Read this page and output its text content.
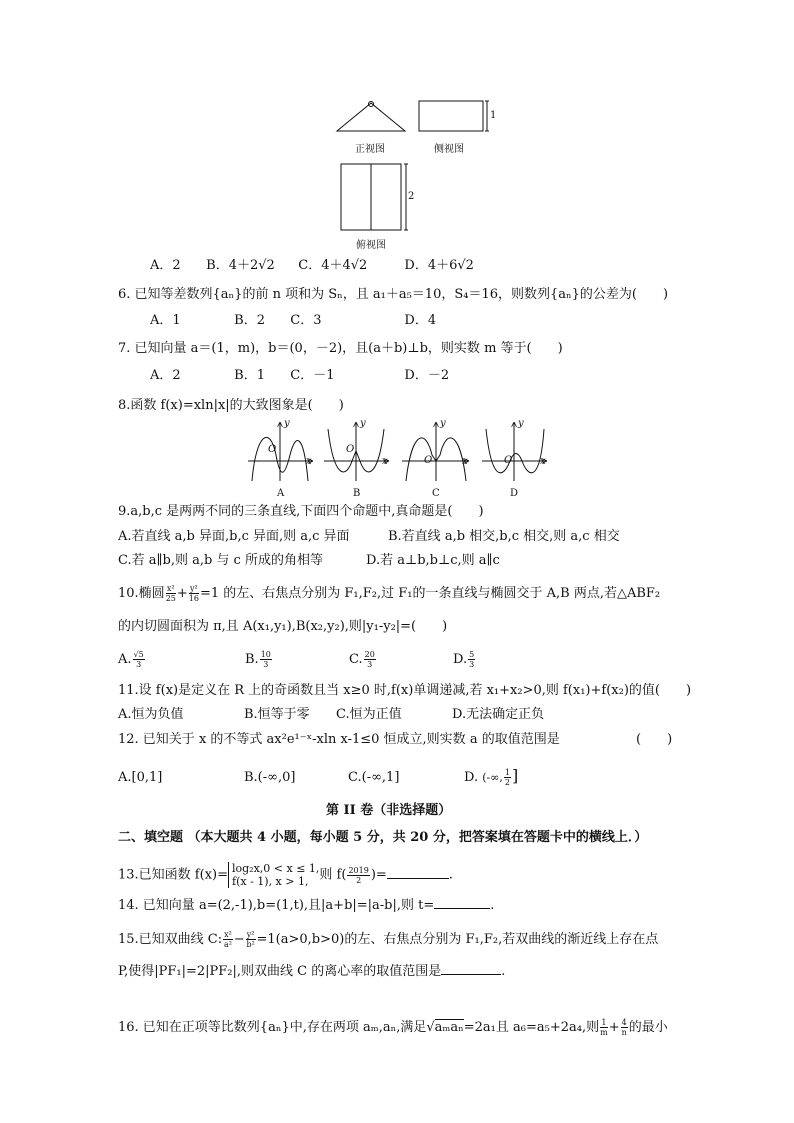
1
2
正视图	侧视图
俯视图
A．2 B．4＋2√2 C．4＋4√2	D．4＋6√2
6. 已知等差数列{aₙ}的前 n 项和为 Sₙ，且 a₁＋a₅＝10，S₄＝16，则数列{aₙ}的公差为(　　)
A．1	B．2 C．3	D．4
7. 已知向量 a＝(1，m)，b＝(0，－2)，且(a＋b)⊥b，则实数 m 等于(　　)
A．2	B．1 C．－1	D．－2
8.函数 f(x)=xln|x|的大致图象是(　　)
y
x
O
A
y
x
O
B
y
x
O
C
y
x
O
D
9.a,b,c 是两两不同的三条直线,下面四个命题中,真命题是(　　)
A.若直线 a,b 异面,b,c 异面,则 a,c 异面	B.若直线 a,b 相交,b,c 相交,则 a,c 相交
C.若 a∥b,则 a,b 与 c 所成的角相等	D.若 a⊥b,b⊥c,则 a∥c
10.椭圆 $\frac{\text{x²}}{25} + \frac{\text{y²}}{16} =1$ 的左、右焦点分别为 F₁,F₂,过 F₁的一条直线与椭圆交于 A,B 两点,若△ABF₂
的内切圆面积为 π,且 A(x₁,y₁),B(x₂,y₂),则|y₁-y₂|=(　　)
A. $\frac{√5}{3}$	B. $\frac{10}{3}$	C. $\frac{20}{3}$	D. $\frac{5}{3}$
11.设 f(x)是定义在 R 上的奇函数且当 x≥0 时,f(x)单调递减,若 x₁+x₂>0,则 f(x₁)+f(x₂)的值(　　)
A.恒为负值	B.恒等于零 C.恒为正值	D.无法确定正负
12. 已知关于 x 的不等式 ax²e¹⁻ˣ-xln x-1≤0 恒成立,则实数 a 的取值范围是	(　　)
A.[0,1]	B.(-∞,0]	C.(-∞,1]	D. (-∞, $\frac{1}{2}$ ]
第 II 卷（非选择题）
二、填空题 （本大题共 4 小题，每小题 5 分，共 20 分，把答案填在答题卡中的横线上．）
13.已知函数 f(x)= log₂x,0 < x ≤ 1,
f(x - 1), x > 1, 则 $f( \frac{2019}{2}$ )=	.
14. 已知向量 a=(2,-1),b=(1,t),且|a+b|=|a-b|,则 t=	.
15.已知双曲线 C: $\frac{\text{x²}}{\text{a²}} - \frac{\text{y²}}{\text{b²}} =1(a>0,b>0)$的左、右焦点分别为 F₁,F₂,若双曲线的渐近线上存在点
P,使得|PF₁|=2|PF₂|,则双曲线 C 的离心率的取值范围是	.
16. 已知在正项等比数列{aₙ}中,存在两项 aₘ,aₙ,满足√aₘaₙ=2a₁且 a₆=a₅+2a₄,则 $\frac{1}{m} + \frac{4}{n}$ 的最小
